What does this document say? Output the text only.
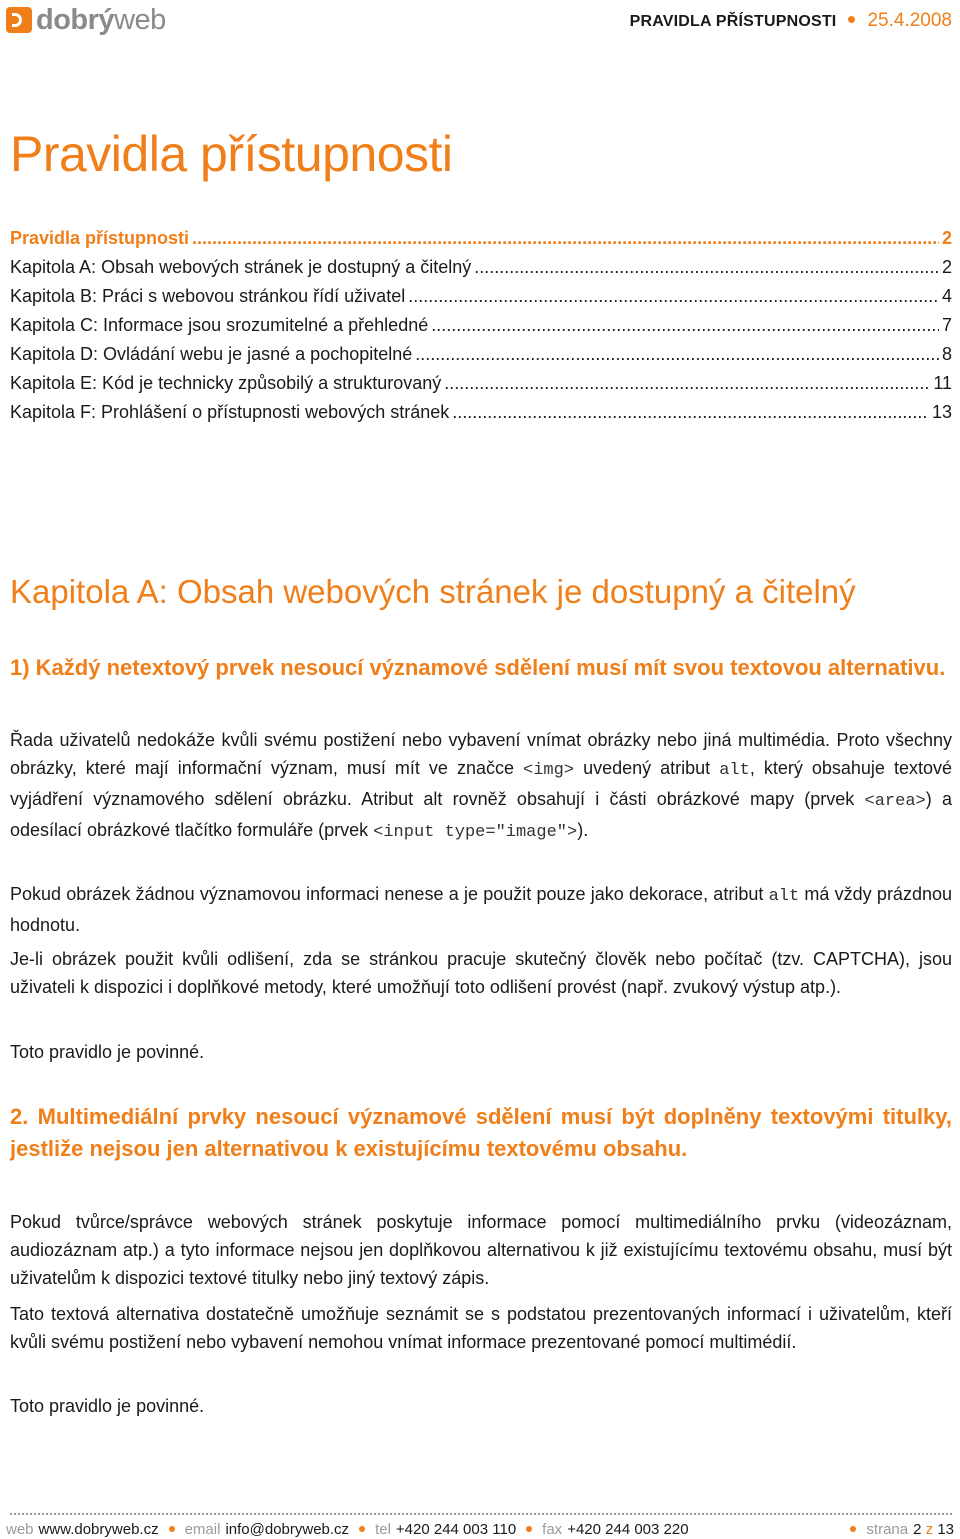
dobrýweb	PRAVIDLA PŘÍSTUPNOSTI 25.4.2008
Pravidla přístupnosti
Pravidla přístupnosti .....	2
Kapitola A: Obsah webových stránek je dostupný a čitelný .....	2
Kapitola B: Práci s webovou stránkou řídí uživatel .....	4
Kapitola C: Informace jsou srozumitelné a přehledné .....	7
Kapitola D: Ovládání webu je jasné a pochopitelné .....	8
Kapitola E: Kód je technicky způsobilý a strukturovaný .....	11
Kapitola F: Prohlášení o přístupnosti webových stránek .....	13
Kapitola A: Obsah webových stránek je dostupný a čitelný
1) Každý netextový prvek nesoucí významové sdělení musí mít svou textovou alternativu.

Řada uživatelů nedokáže kvůli svému postižení nebo vybavení vnímat obrázky nebo jiná multimédia. Proto všechny obrázky, které mají informační význam, musí mít ve značce <img> uvedený atribut alt, který obsahuje textové vyjádření významového sdělení obrázku. Atribut alt rovněž obsahují i části obrázkové mapy (prvek <area>) a odesílací obrázkové tlačítko formuláře (prvek <input type="image">).

Pokud obrázek žádnou významovou informaci nenese a je použit pouze jako dekorace, atribut alt má vždy prázdnou hodnotu.

Je-li obrázek použit kvůli odlišení, zda se stránkou pracuje skutečný člověk nebo počítač (tzv. CAPTCHA), jsou uživateli k dispozici i doplňkové metody, které umožňují toto odlišení provést (např. zvukový výstup atp.).

Toto pravidlo je povinné.

2. Multimediální prvky nesoucí významové sdělení musí být doplněny textovými titulky, jestliže nejsou jen alternativou k existujícímu textovému obsahu.

Pokud tvůrce/správce webových stránek poskytuje informace pomocí multimediálního prvku (videozáznam, audiozáznam atp.) a tyto informace nejsou jen doplňkovou alternativou k již existujícímu textovému obsahu, musí být uživatelům k dispozici textové titulky nebo jiný textový zápis.

Tato textová alternativa dostatečně umožňuje seznámit se s podstatou prezentovaných informací i uživatelům, kteří kvůli svému postižení nebo vybavení nemohou vnímat informace prezentované pomocí multimédií.

Toto pravidlo je povinné.

web www.dobryweb.cz email info@dobryweb.cz tel +420 244 003 110 fax +420 244 003 220	strana 2
z
13
